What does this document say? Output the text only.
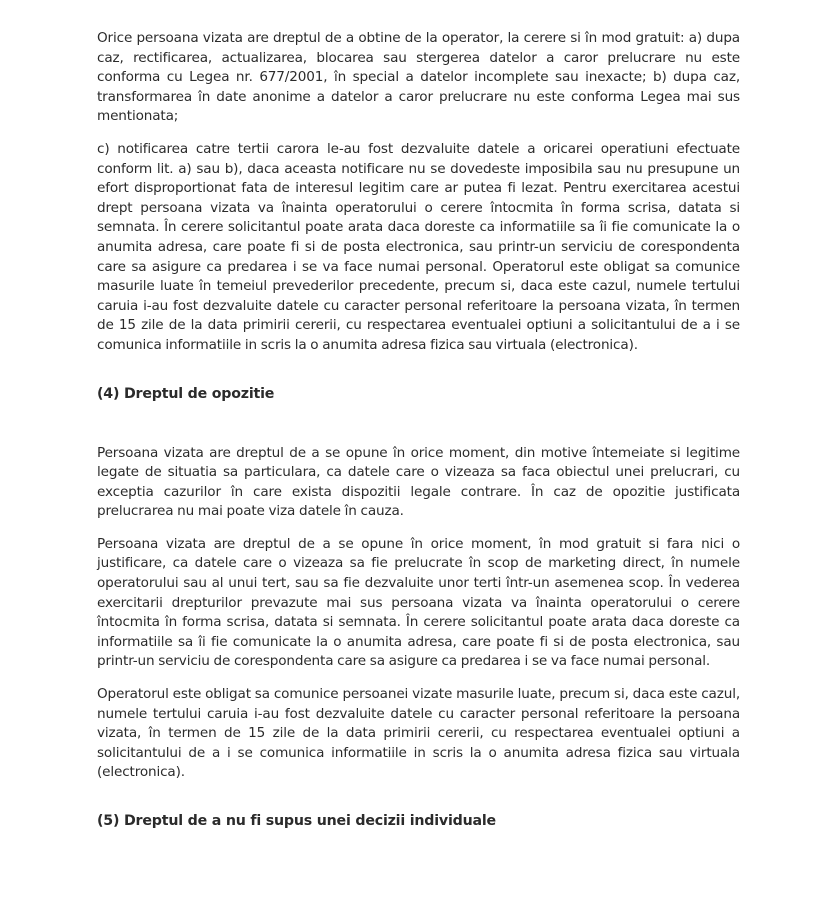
Orice persoana vizata are dreptul de a obtine de la operator, la cerere si în mod gratuit: a) dupa caz, rectificarea, actualizarea, blocarea sau stergerea datelor a caror prelucrare nu este conforma cu Legea nr. 677/2001, în special a datelor incomplete sau inexacte; b) dupa caz, transformarea în date anonime a datelor a caror prelucrare nu este conforma Legea mai sus mentionata;

c) notificarea catre tertii carora le-au fost dezvaluite datele a oricarei operatiuni efectuate conform lit. a) sau b), daca aceasta notificare nu se dovedeste imposibila sau nu presupune un efort disproportionat fata de interesul legitim care ar putea fi lezat. Pentru exercitarea acestui drept persoana vizata va înainta operatorului o cerere întocmita în forma scrisa, datata si semnata. În cerere solicitantul poate arata daca doreste ca informatiile sa îi fie comunicate la o anumita adresa, care poate fi si de posta electronica, sau printr-un serviciu de corespondenta care sa asigure ca predarea i se va face numai personal. Operatorul este obligat sa comunice masurile luate în temeiul prevederilor precedente, precum si, daca este cazul, numele tertului caruia i-au fost dezvaluite datele cu caracter personal referitoare la persoana vizata, în termen de 15 zile de la data primirii cererii, cu respectarea eventualei optiuni a solicitantului de a i se comunica informatiile in scris la o anumita adresa fizica sau virtuala (electronica).

(4) Dreptul de opozitie

Persoana vizata are dreptul de a se opune în orice moment, din motive întemeiate si legitime legate de situatia sa particulara, ca datele care o vizeaza sa faca obiectul unei prelucrari, cu exceptia cazurilor în care exista dispozitii legale contrare. În caz de opozitie justificata prelucrarea nu mai poate viza datele în cauza.

Persoana vizata are dreptul de a se opune în orice moment, în mod gratuit si fara nici o justificare, ca datele care o vizeaza sa fie prelucrate în scop de marketing direct, în numele operatorului sau al unui tert, sau sa fie dezvaluite unor terti într-un asemenea scop. În vederea exercitarii drepturilor prevazute mai sus persoana vizata va înainta operatorului o cerere întocmita în forma scrisa, datata si semnata. În cerere solicitantul poate arata daca doreste ca informatiile sa îi fie comunicate la o anumita adresa, care poate fi si de posta electronica, sau printr-un serviciu de corespondenta care sa asigure ca predarea i se va face numai personal.

Operatorul este obligat sa comunice persoanei vizate masurile luate, precum si, daca este cazul, numele tertului caruia i-au fost dezvaluite datele cu caracter personal referitoare la persoana vizata, în termen de 15 zile de la data primirii cererii, cu respectarea eventualei optiuni a solicitantului de a i se comunica informatiile in scris la o anumita adresa fizica sau virtuala (electronica).

(5) Dreptul de a nu fi supus unei decizii individuale
